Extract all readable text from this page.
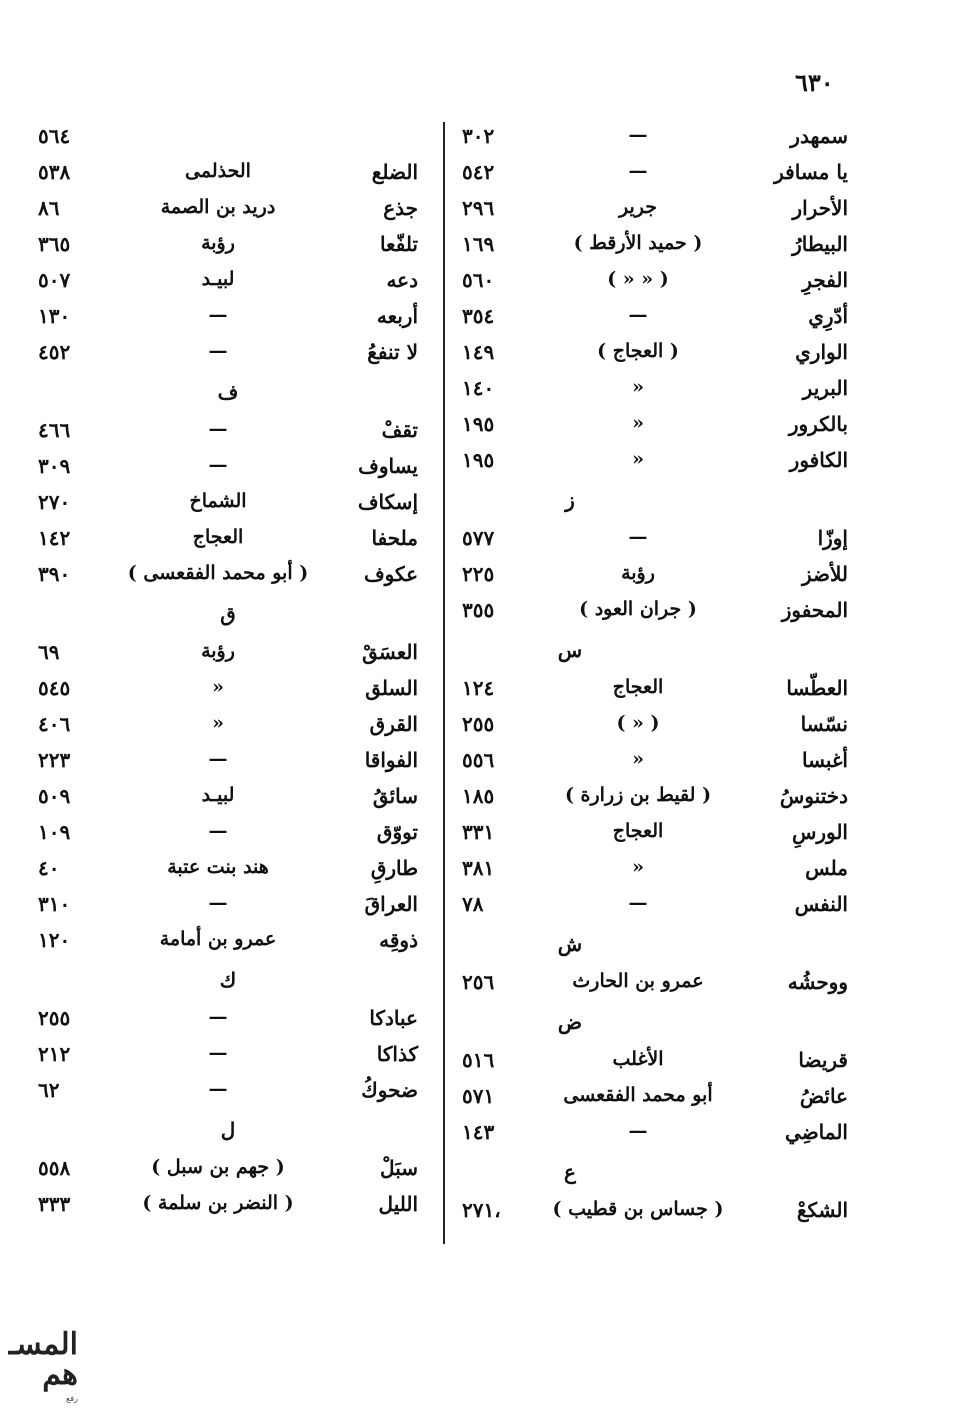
٦٣٠
سمهدر
—
٣٠٢
يا مسافر
—
٥٤٢
الأحرار
جرير
٢٩٦
البيطارُ
( حميد الأرقط )
١٦٩
الفجرِ
( « « )
٥٦٠
أدّرِي
—
٣٥٤
الواري
( العجاج )
١٤٩
البرير
«
١٤٠
بالكرور
«
١٩٥
الكافور
«
١٩٥
ز
إوزّا
—
٥٧٧
للأضز
رؤبة
٢٢٥
المحفوز
( جران العود )
٣٥٥
س
العطّسا
العجاج
١٢٤
نسّسا
( « )
٢٥٥
أغبسا
«
٥٥٦
دختنوسُ
( لقيط بن زرارة )
١٨٥
الورسِ
العجاج
٣٣١
ملس
«
٣٨١
النفس
—
٧٨
ش
ووحشُه
عمرو بن الحارث
٢٥٦
ض
قريضا
الأغلب
٥١٦
عائضُ
أبو محمد الفقعسى
٥٧١
الماضِي
—
١٤٣
ع
الشكعْ
( جساس بن قطيب )
٢٧١،
٥٦٤
الضلع
الحذلمى
٥٣٨
جذع
دريد بن الصمة
٨٦
تلفّعا
رؤبة
٣٦٥
دعه
لبيـد
٥٠٧
أربعه
—
١٣٠
لا تنفعُ
—
٤٥٢
ف
تقفْ
—
٤٦٦
يساوف
—
٣٠٩
إسكاف
الشماخ
٢٧٠
ملحفا
العجاج
١٤٢
عكوف
( أبو محمد الفقعسى )
٣٩٠
ق
العسَقْ
رؤبة
٦٩
السلق
«
٥٤٥
القرق
«
٤٠٦
الفواقا
—
٢٢٣
سائقُ
لبيـد
٥٠٩
تووّق
—
١٠٩
طارقِ
هند بنت عتبة
٤٠
العراقَ
—
٣١٠
ذوقِه
عمرو بن أمامة
١٢٠
ك
عبادكا
—
٢٥٥
كذاكا
—
٢١٢
ضحوكُ
—
٦٢
ل
سبَلْ
( جهم بن سبل )
٥٥٨
الليل
( النضر بن سلمة )
٣٣٣
المسـ هم
رفع
